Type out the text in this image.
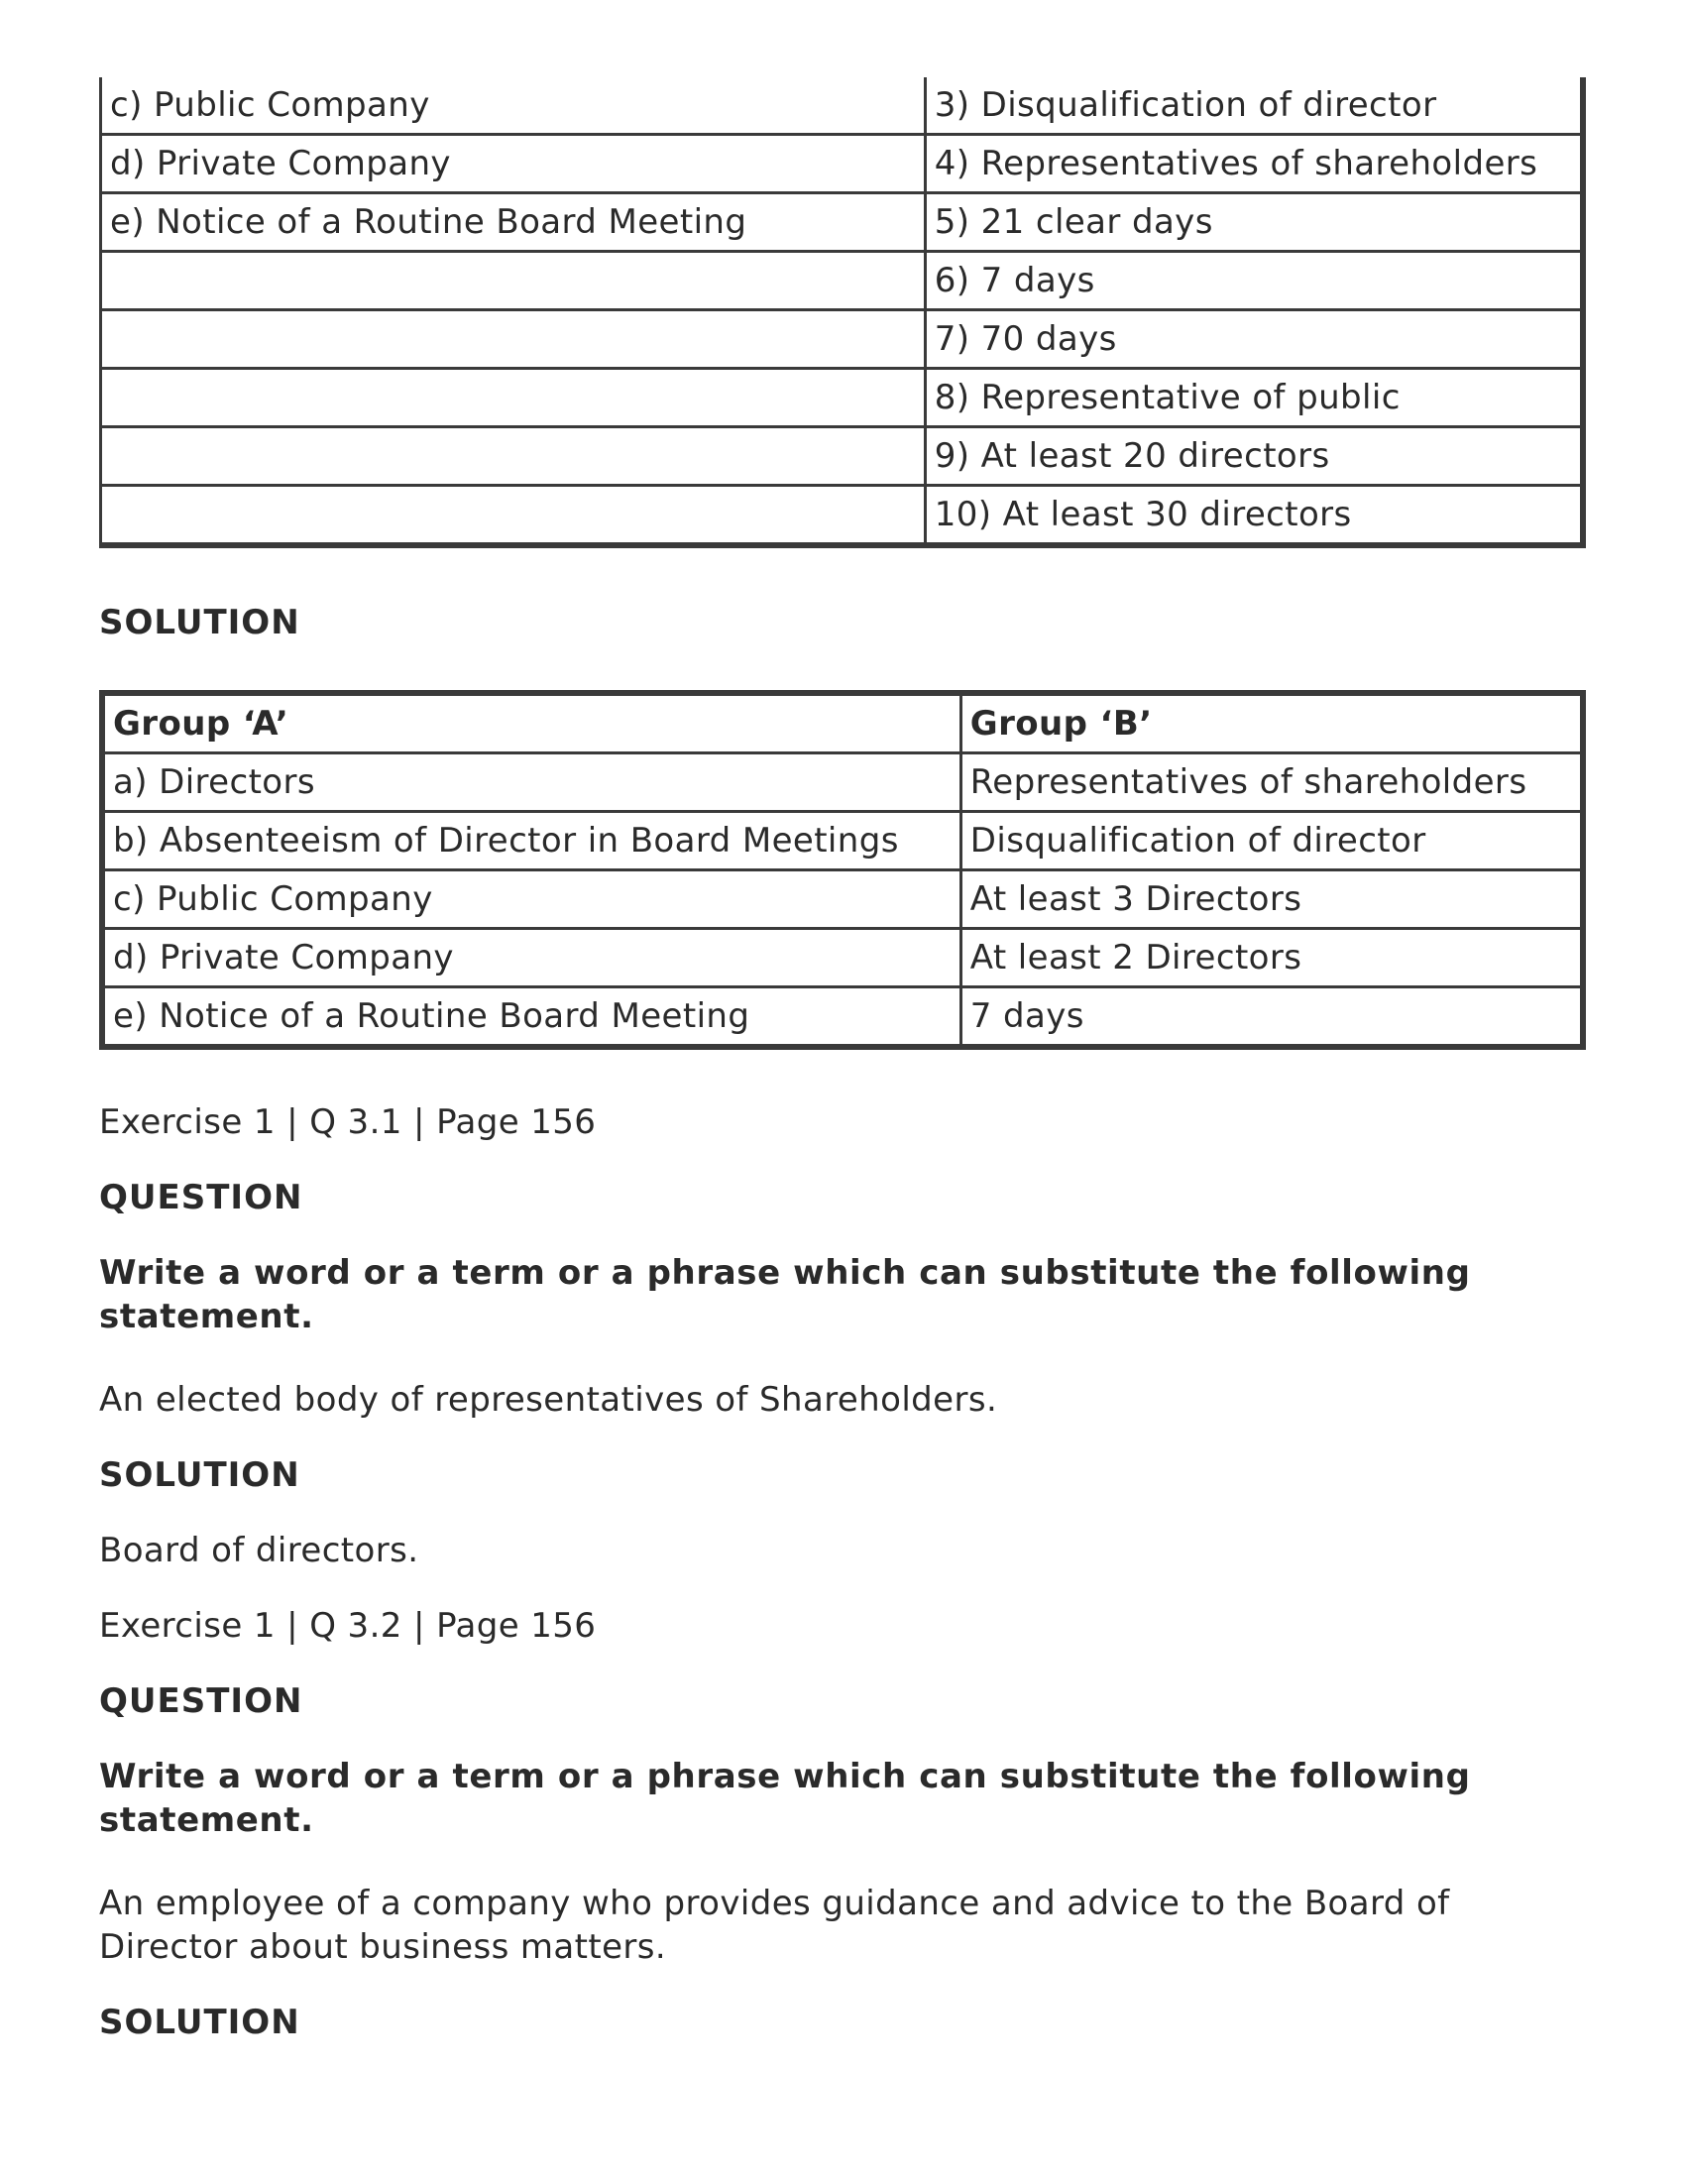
c) Public Company	3) Disqualification of director
d) Private Company	4) Representatives of shareholders
e) Notice of a Routine Board Meeting	5) 21 clear days
	6) 7 days
	7) 70 days
	8) Representative of public
	9) At least 20 directors
	10) At least 30 directors
SOLUTION
Group ‘A’	Group ‘B’
a) Directors	Representatives of shareholders
b) Absenteeism of Director in Board Meetings	Disqualification of director
c) Public Company	At least 3 Directors
d) Private Company	At least 2 Directors
e) Notice of a Routine Board Meeting	7 days
Exercise 1 | Q 3.1 | Page 156
QUESTION
Write a word or a term or a phrase which can substitute the following statement.
An elected body of representatives of Shareholders.
SOLUTION
Board of directors.
Exercise 1 | Q 3.2 | Page 156
QUESTION
Write a word or a term or a phrase which can substitute the following statement.
An employee of a company who provides guidance and advice to the Board of Director about business matters.
SOLUTION
